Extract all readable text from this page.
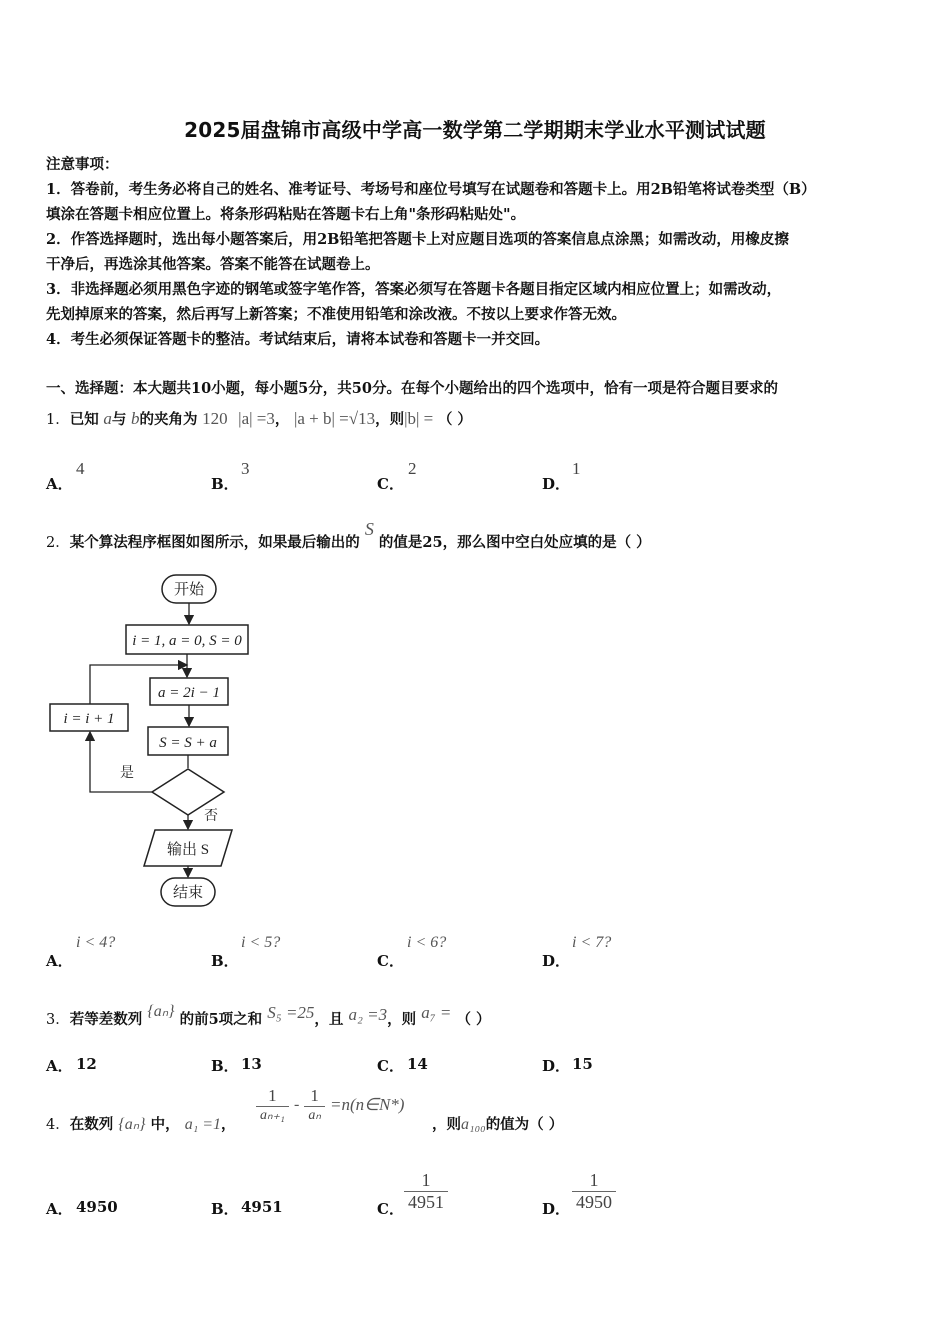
2025届盘锦市高级中学高一数学第二学期期末学业水平测试试题
注意事项：
1．答卷前，考生务必将自己的姓名、准考证号、考场号和座位号填写在试题卷和答题卡上。用2B铅笔将试卷类型（B）
填涂在答题卡相应位置上。将条形码粘贴在答题卡右上角"条形码粘贴处"。
2．作答选择题时，选出每小题答案后，用2B铅笔把答题卡上对应题目选项的答案信息点涂黑；如需改动，用橡皮擦
干净后，再选涂其他答案。答案不能答在试题卷上。
3．非选择题必须用黑色字迹的钢笔或签字笔作答，答案必须写在答题卡各题目指定区域内相应位置上；如需改动，
先划掉原来的答案，然后再写上新答案；不准使用铅笔和涂改液。不按以上要求作答无效。
4．考生必须保证答题卡的整洁。考试结束后，请将本试卷和答题卡一并交回。
一、选择题：本大题共10小题，每小题5分，共50分。在每个小题给出的四个选项中，恰有一项是符合题目要求的
1．已知 a与 b的夹角为 120 |a| =3， |a + b| =√13，则|b| = （ ）
A．
4
B．
3
C．
2
D．
1
2．某个算法程序框图如图所示，如果最后输出的 S 的值是25，那么图中空白处应填的是（ ）
开始
i = 1, a = 0, S = 0
a = 2i − 1
S = S + a
是
i = i + 1
否
输出 S
结束
A．
i < 4?
B．
i < 5?
C．
i < 6?
D．
i < 7?
3．若等差数列 {aₙ} 的前5项之和 S₅ =25，且 a₂ =3，则 a₇ = （ ）
A． 12	B． 13	C． 14	D． 15
4．在数列 {aₙ} 中， a₁ =1，
$\frac{1}{\text{aₙ₊₁}} - \frac{1}{\text{aₙ}}$ =n(n∈N*)
，则a₁₀₀的值为（ ）
A． 4950	B． 4951	C． $\frac{1}{4951}$	D． $\frac{1}{4950}$
